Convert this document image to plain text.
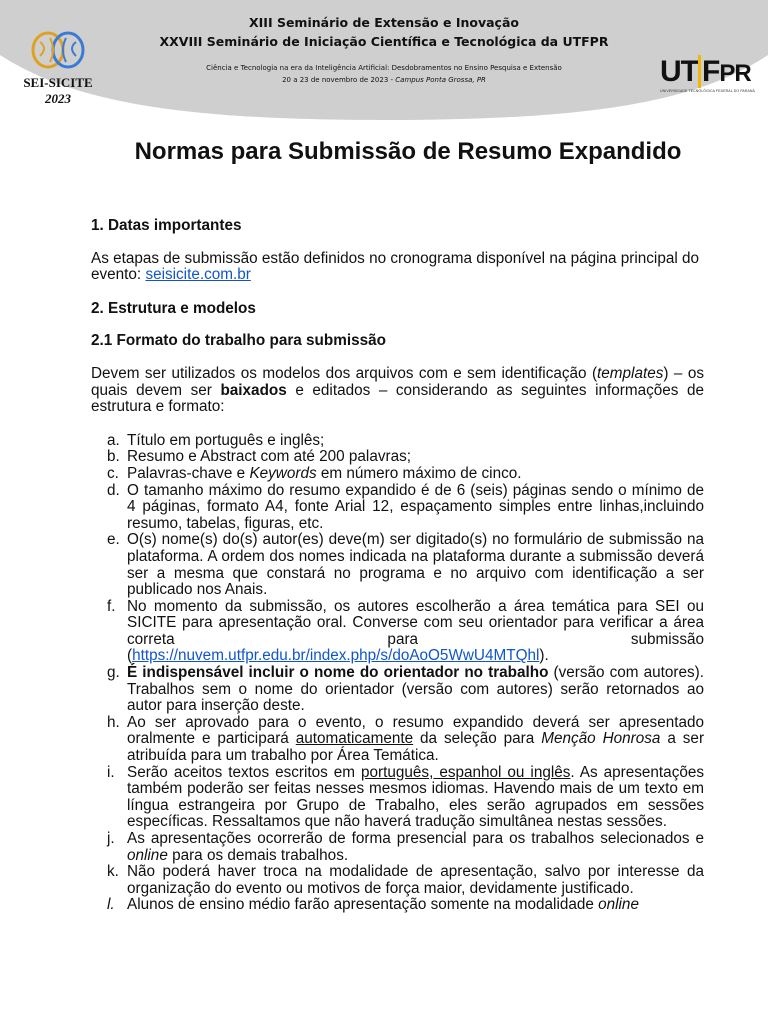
XIII Seminário de Extensão e Inovação
XXVIII Seminário de Iniciação Científica e Tecnológica da UTFPR
Ciência e Tecnologia na era da Inteligência Artificial: Desdobramentos no Ensino Pesquisa e Extensão
20 a 23 de novembro de 2023 - Campus Ponta Grossa, PR
SEI-SICITE
2023
UT FPR
UNIVERSIDADE TECNOLÓGICA FEDERAL DO PARANÁ
Normas para Submissão de Resumo Expandido

1. Datas importantes

As etapas de submissão estão definidos no cronograma disponível na página principal do evento: seisicite.com.br

2. Estrutura e modelos

2.1 Formato do trabalho para submissão

Devem ser utilizados os modelos dos arquivos com e sem identificação (templates) – os quais devem ser baixados e editados – considerando as seguintes informações de estrutura e formato:

a. Título em português e inglês;
b. Resumo e Abstract com até 200 palavras;
c. Palavras-chave e Keywords em número máximo de cinco.
d. O tamanho máximo do resumo expandido é de 6 (seis) páginas sendo o mínimo de 4 páginas, formato A4, fonte Arial 12, espaçamento simples entre linhas,incluindo resumo, tabelas, figuras, etc.
e. O(s) nome(s) do(s) autor(es) deve(m) ser digitado(s) no formulário de submissão na plataforma. A ordem dos nomes indicada na plataforma durante a submissão deverá ser a mesma que constará no programa e no arquivo com identificação a ser publicado nos Anais.
f. No momento da submissão, os autores escolherão a área temática para SEI ou SICITE para apresentação oral. Converse com seu orientador para verificar a área correta para submissão (https://nuvem.utfpr.edu.br/index.php/s/doAoO5WwU4MTQhl).
g. É indispensável incluir o nome do orientador no trabalho (versão com autores). Trabalhos sem o nome do orientador (versão com autores) serão retornados ao autor para inserção deste.
h. Ao ser aprovado para o evento, o resumo expandido deverá ser apresentado oralmente e participará automaticamente da seleção para Menção Honrosa a ser atribuída para um trabalho por Área Temática.
i. Serão aceitos textos escritos em português, espanhol ou inglês. As apresentações também poderão ser feitas nesses mesmos idiomas. Havendo mais de um texto em língua estrangeira por Grupo de Trabalho, eles serão agrupados em sessões específicas. Ressaltamos que não haverá tradução simultânea nestas sessões.
j. As apresentações ocorrerão de forma presencial para os trabalhos selecionados e online para os demais trabalhos.
k. Não poderá haver troca na modalidade de apresentação, salvo por interesse da organização do evento ou motivos de força maior, devidamente justificado.
l. Alunos de ensino médio farão apresentação somente na modalidade online
